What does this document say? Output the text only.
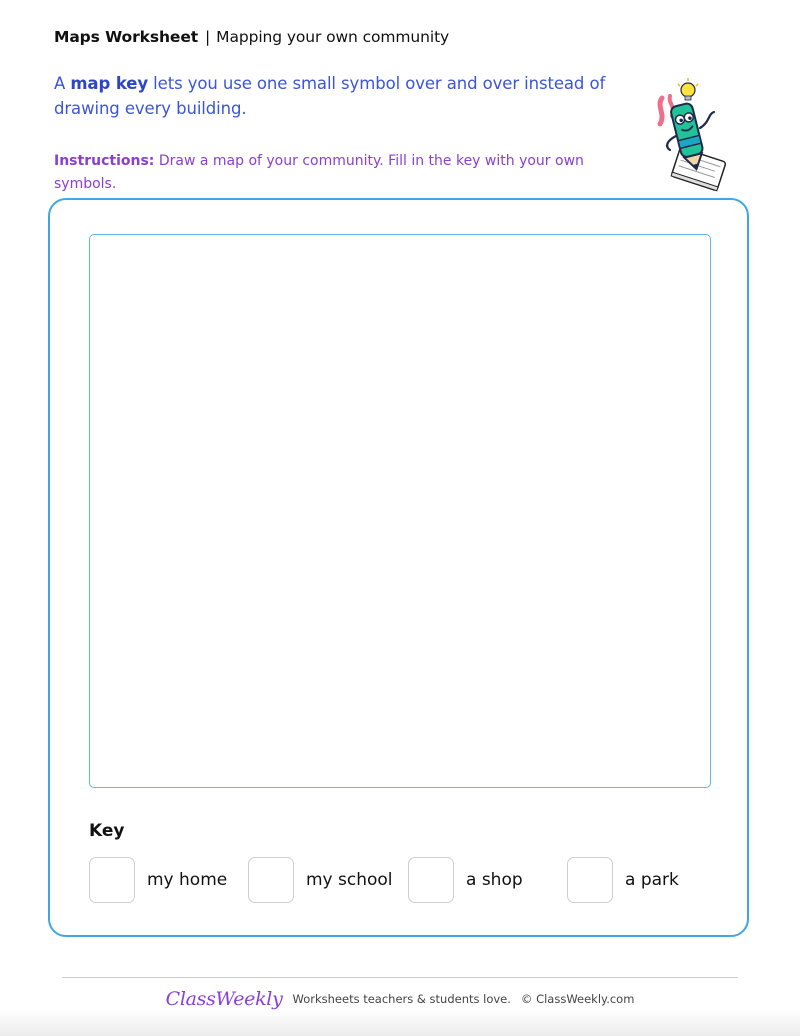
Maps Worksheet | Mapping your own community
A map key lets you use one small symbol over and over instead of drawing every building.
Instructions: Draw a map of your community. Fill in the key with your own symbols.
Key
my home	my school	a shop	a park
ClassWeekly Worksheets teachers & students love. © ClassWeekly.com
